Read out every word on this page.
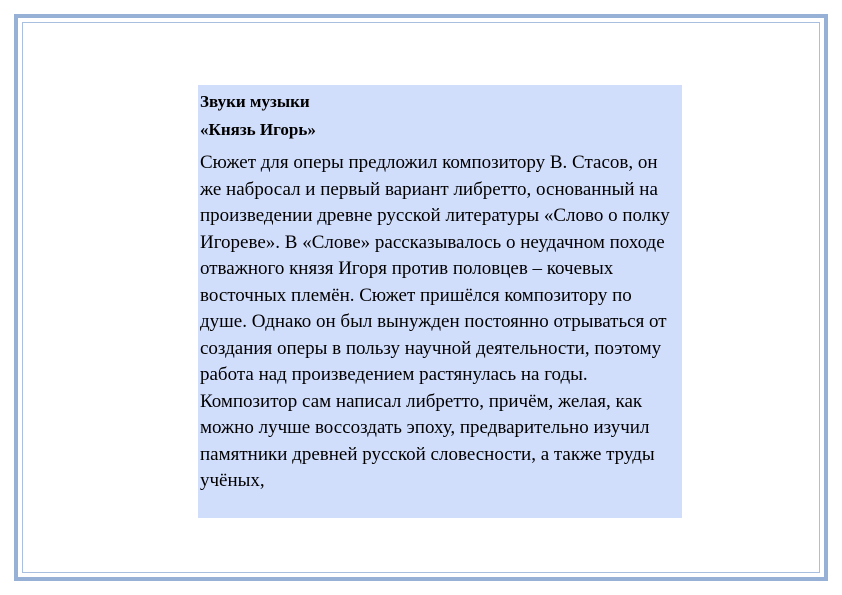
Звуки музыки

«Князь Игорь»

Сюжет для оперы предложил композитору В. Стасов, он же набросал и первый вариант либретто, основанный на произведении древне русской литературы «Слово о полку Игореве». В «Слове» рассказывалось о неудачном походе отважного князя Игоря против половцев – кочевых восточных племён. Сюжет пришёлся композитору по душе. Однако он был вынужден постоянно отрываться от создания оперы в пользу научной деятельности, поэтому работа над произведением растянулась на годы. Композитор сам написал либретто, причём, желая, как можно лучше воссоздать эпоху, предварительно изучил памятники древней русской словесности, а также труды учёных,
